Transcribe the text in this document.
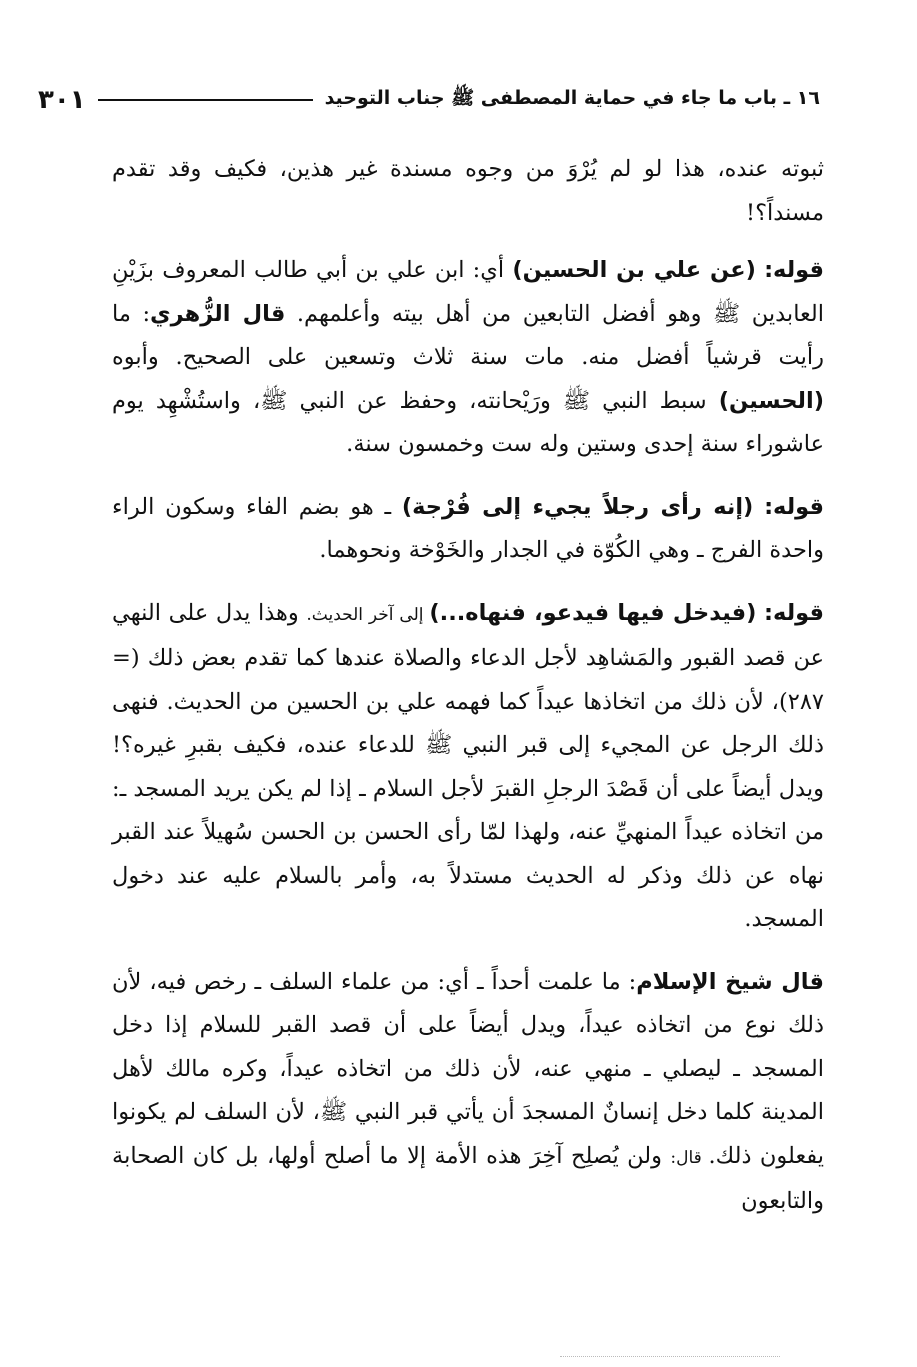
١٦ ـ باب ما جاء في حماية المصطفى ﷺ جناب التوحيد
٣٠١

ثبوته عنده، هذا لو لم يُرْوَ من وجوه مسندة غير هذين، فكيف وقد تقدم مسنداً؟!

قوله: (عن علي بن الحسين) أي: ابن علي بن أبي طالب المعروف بزَيْنِ العابدين ﷺ وهو أفضل التابعين من أهل بيته وأعلمهم. قال الزُّهري: ما رأيت قرشياً أفضل منه. مات سنة ثلاث وتسعين على الصحيح. وأبوه (الحسين) سبط النبي ﷺ ورَيْحانته، وحفظ عن النبي ﷺ، واستُشْهِد يوم عاشوراء سنة إحدى وستين وله ست وخمسون سنة.

قوله: (إنه رأى رجلاً يجيء إلى فُرْجة) ـ هو بضم الفاء وسكون الراء واحدة الفرج ـ وهي الكُوّة في الجدار والخَوْخة ونحوهما.

قوله: (فيدخل فيها فيدعو، فنهاه...) إلى آخر الحديث. وهذا يدل على النهي عن قصد القبور والمَشاهِد لأجل الدعاء والصلاة عندها كما تقدم بعض ذلك (= ٢٨٧)، لأن ذلك من اتخاذها عيداً كما فهمه علي بن الحسين من الحديث. فنهى ذلك الرجل عن المجيء إلى قبر النبي ﷺ للدعاء عنده، فكيف بقبرِ غيره؟! ويدل أيضاً على أن قَصْدَ الرجلِ القبرَ لأجل السلام ـ إذا لم يكن يريد المسجد ـ: من اتخاذه عيداً المنهيِّ عنه، ولهذا لمّا رأى الحسن بن الحسن سُهيلاً عند القبر نهاه عن ذلك وذكر له الحديث مستدلاً به، وأمر بالسلام عليه عند دخول المسجد.

قال شيخ الإسلام: ما علمت أحداً ـ أي: من علماء السلف ـ رخص فيه، لأن ذلك نوع من اتخاذه عيداً، ويدل أيضاً على أن قصد القبر للسلام إذا دخل المسجد ـ ليصلي ـ منهي عنه، لأن ذلك من اتخاذه عيداً، وكره مالك لأهل المدينة كلما دخل إنسانٌ المسجدَ أن يأتي قبر النبي ﷺ، لأن السلف لم يكونوا يفعلون ذلك. قال: ولن يُصلِح آخِرَ هذه الأمة إلا ما أصلح أولها، بل كان الصحابة والتابعون
